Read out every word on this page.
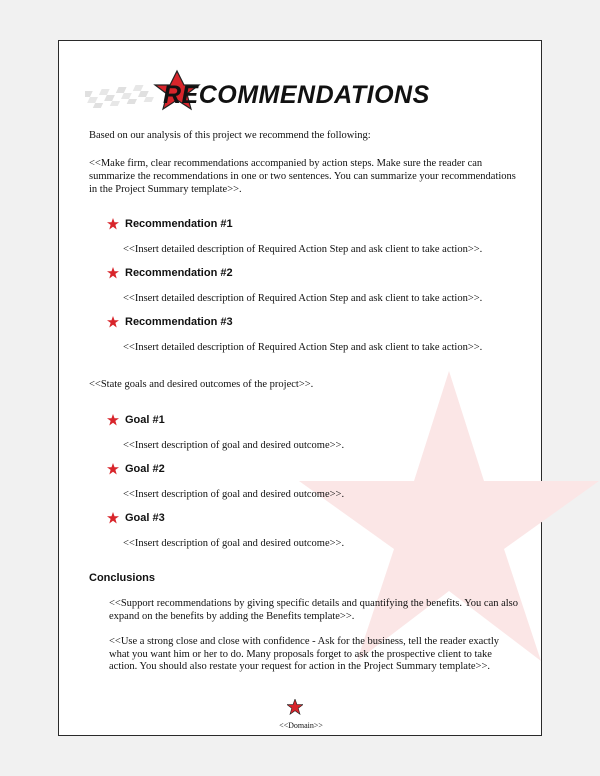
RECOMMENDATIONS
Based on our analysis of this project we recommend the following:
<<Make firm, clear recommendations accompanied by action steps. Make sure the reader can summarize the recommendations in one or two sentences. You can summarize your recommendations in the Project Summary template>>.
Recommendation #1
<<Insert detailed description of Required Action Step and ask client to take action>>.
Recommendation #2
<<Insert detailed description of Required Action Step and ask client to take action>>.
Recommendation #3
<<Insert detailed description of Required Action Step and ask client to take action>>.
<<State goals and desired outcomes of the project>>.
Goal #1
<<Insert description of goal and desired outcome>>.
Goal #2
<<Insert description of goal and desired outcome>>.
Goal #3
<<Insert description of goal and desired outcome>>.
Conclusions
<<Support recommendations by giving specific details and quantifying the benefits. You can also expand on the benefits by adding the Benefits template>>.
<<Use a strong close and close with confidence - Ask for the business, tell the reader exactly what you want him or her to do. Many proposals forget to ask the prospective client to take action. You should also restate your request for action in the Project Summary template>>.
<<Domain>>
